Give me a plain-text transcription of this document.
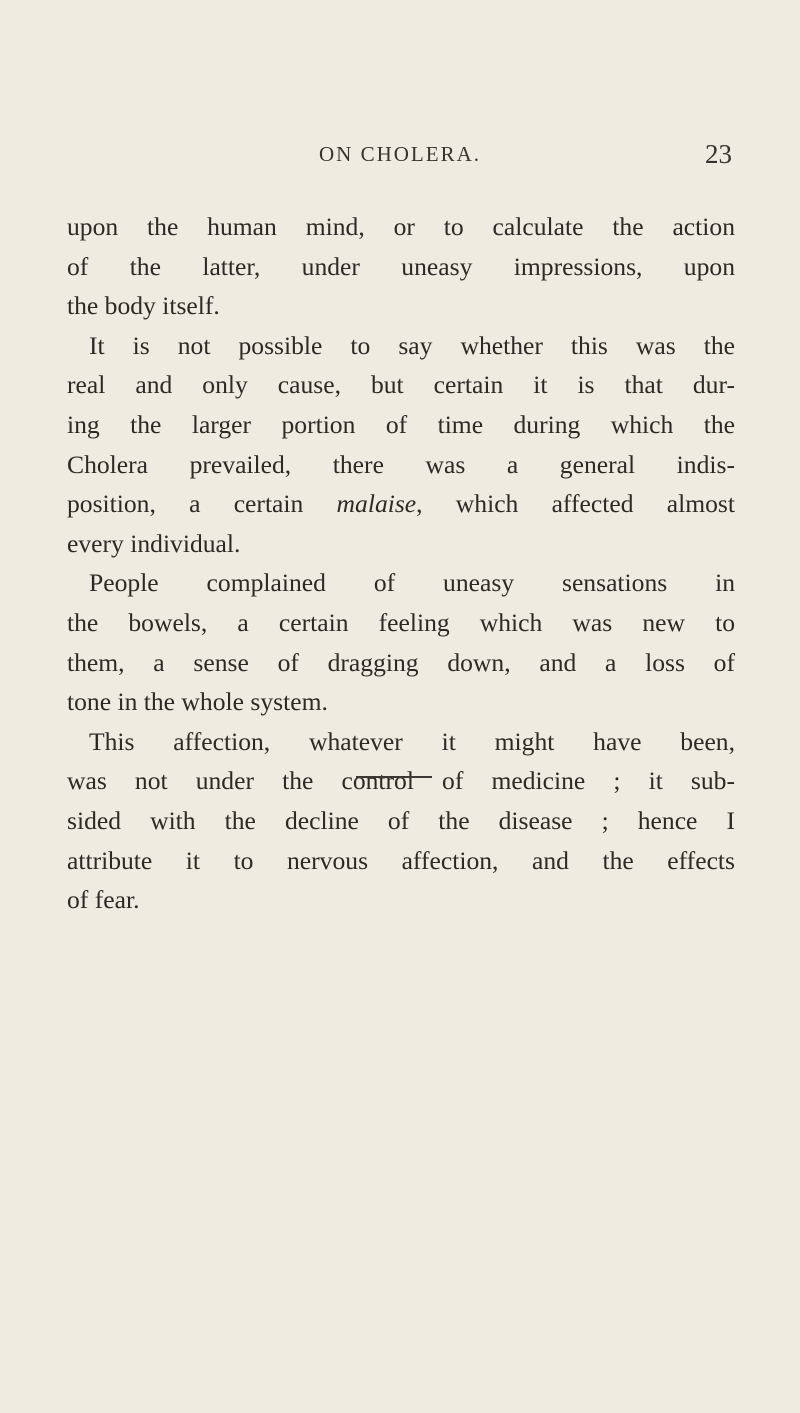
ON CHOLERA.	23
upon the human mind, or to calculate the action
of the latter, under uneasy impressions, upon
the body itself.
It is not possible to say whether this was the
real and only cause, but certain it is that dur-
ing the larger portion of time during which the
Cholera prevailed, there was a general indis-
position, a certain malaise, which affected almost
every individual.
People complained of uneasy sensations in
the bowels, a certain feeling which was new to
them, a sense of dragging down, and a loss of
tone in the whole system.
This affection, whatever it might have been,
was not under the control of medicine ; it sub-
sided with the decline of the disease ; hence I
attribute it to nervous affection, and the effects
of fear.
